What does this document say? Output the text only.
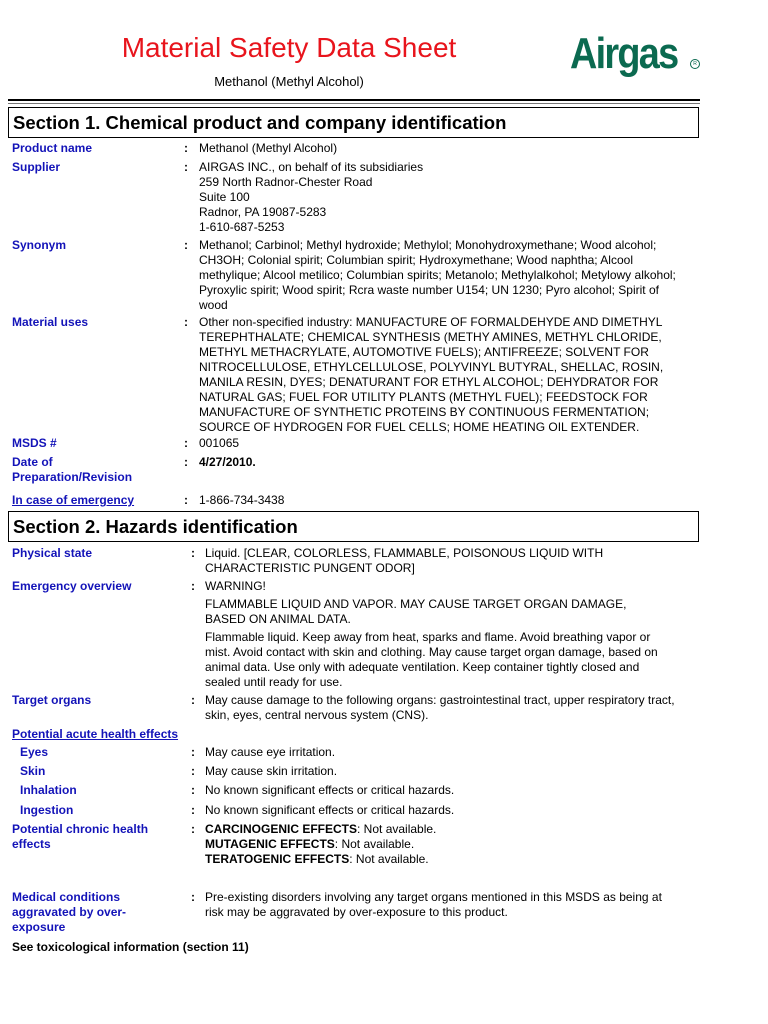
Material Safety Data Sheet
Methanol (Methyl Alcohol)
Airgas	R
Section 1. Chemical product and company identification
Product name	: Methanol (Methyl Alcohol)
Supplier	: AIRGAS INC., on behalf of its subsidiaries

259 North Radnor-Chester Road

Suite 100

Radnor, PA 19087-5283

1-610-687-5253

Synonym	: Methanol; Carbinol; Methyl hydroxide; Methylol; Monohydroxymethane; Wood alcohol;

CH3OH; Colonial spirit; Columbian spirit; Hydroxymethane; Wood naphtha; Alcool

methylique; Alcool metilico; Columbian spirits; Metanolo; Methylalkohol; Metylowy alkohol;

Pyroxylic spirit; Wood spirit; Rcra waste number U154; UN 1230; Pyro alcohol; Spirit of

wood

Material uses	: Other non-specified industry: MANUFACTURE OF FORMALDEHYDE AND DIMETHYL

TEREPHTHALATE; CHEMICAL SYNTHESIS (METHY AMINES, METHYL CHLORIDE,

METHYL METHACRYLATE, AUTOMOTIVE FUELS); ANTIFREEZE; SOLVENT FOR

NITROCELLULOSE, ETHYLCELLULOSE, POLYVINYL BUTYRAL, SHELLAC, ROSIN,

MANILA RESIN, DYES; DENATURANT FOR ETHYL ALCOHOL; DEHYDRATOR FOR

NATURAL GAS; FUEL FOR UTILITY PLANTS (METHYL FUEL); FEEDSTOCK FOR

MANUFACTURE OF SYNTHETIC PROTEINS BY CONTINUOUS FERMENTATION;

SOURCE OF HYDROGEN FOR FUEL CELLS; HOME HEATING OIL EXTENDER.

MSDS #	: 001065
Date of
Preparation/Revision
: 4/27/2010.
In case of emergency	: 1-866-734-3438
Section 2. Hazards identification
Physical state	: Liquid. [CLEAR, COLORLESS, FLAMMABLE, POISONOUS LIQUID WITH

CHARACTERISTIC PUNGENT ODOR]

Emergency overview	: WARNING!

FLAMMABLE LIQUID AND VAPOR. MAY CAUSE TARGET ORGAN DAMAGE,

BASED ON ANIMAL DATA.

Flammable liquid. Keep away from heat, sparks and flame. Avoid breathing vapor or

mist. Avoid contact with skin and clothing. May cause target organ damage, based on

animal data. Use only with adequate ventilation. Keep container tightly closed and

sealed until ready for use.

Target organs	: May cause damage to the following organs: gastrointestinal tract, upper respiratory tract,

skin, eyes, central nervous system (CNS).

Potential acute health effects
Eyes	: May cause eye irritation.
Skin	: May cause skin irritation.
Inhalation	: No known significant effects or critical hazards.
Ingestion	: No known significant effects or critical hazards.
Potential chronic health
effects
: CARCINOGENIC EFFECTS: Not available.

MUTAGENIC EFFECTS: Not available.

TERATOGENIC EFFECTS: Not available.

Medical conditions
aggravated by over-
exposure
: Pre-existing disorders involving any target organs mentioned in this MSDS as being at

risk may be aggravated by over-exposure to this product.

See toxicological information (section 11)
